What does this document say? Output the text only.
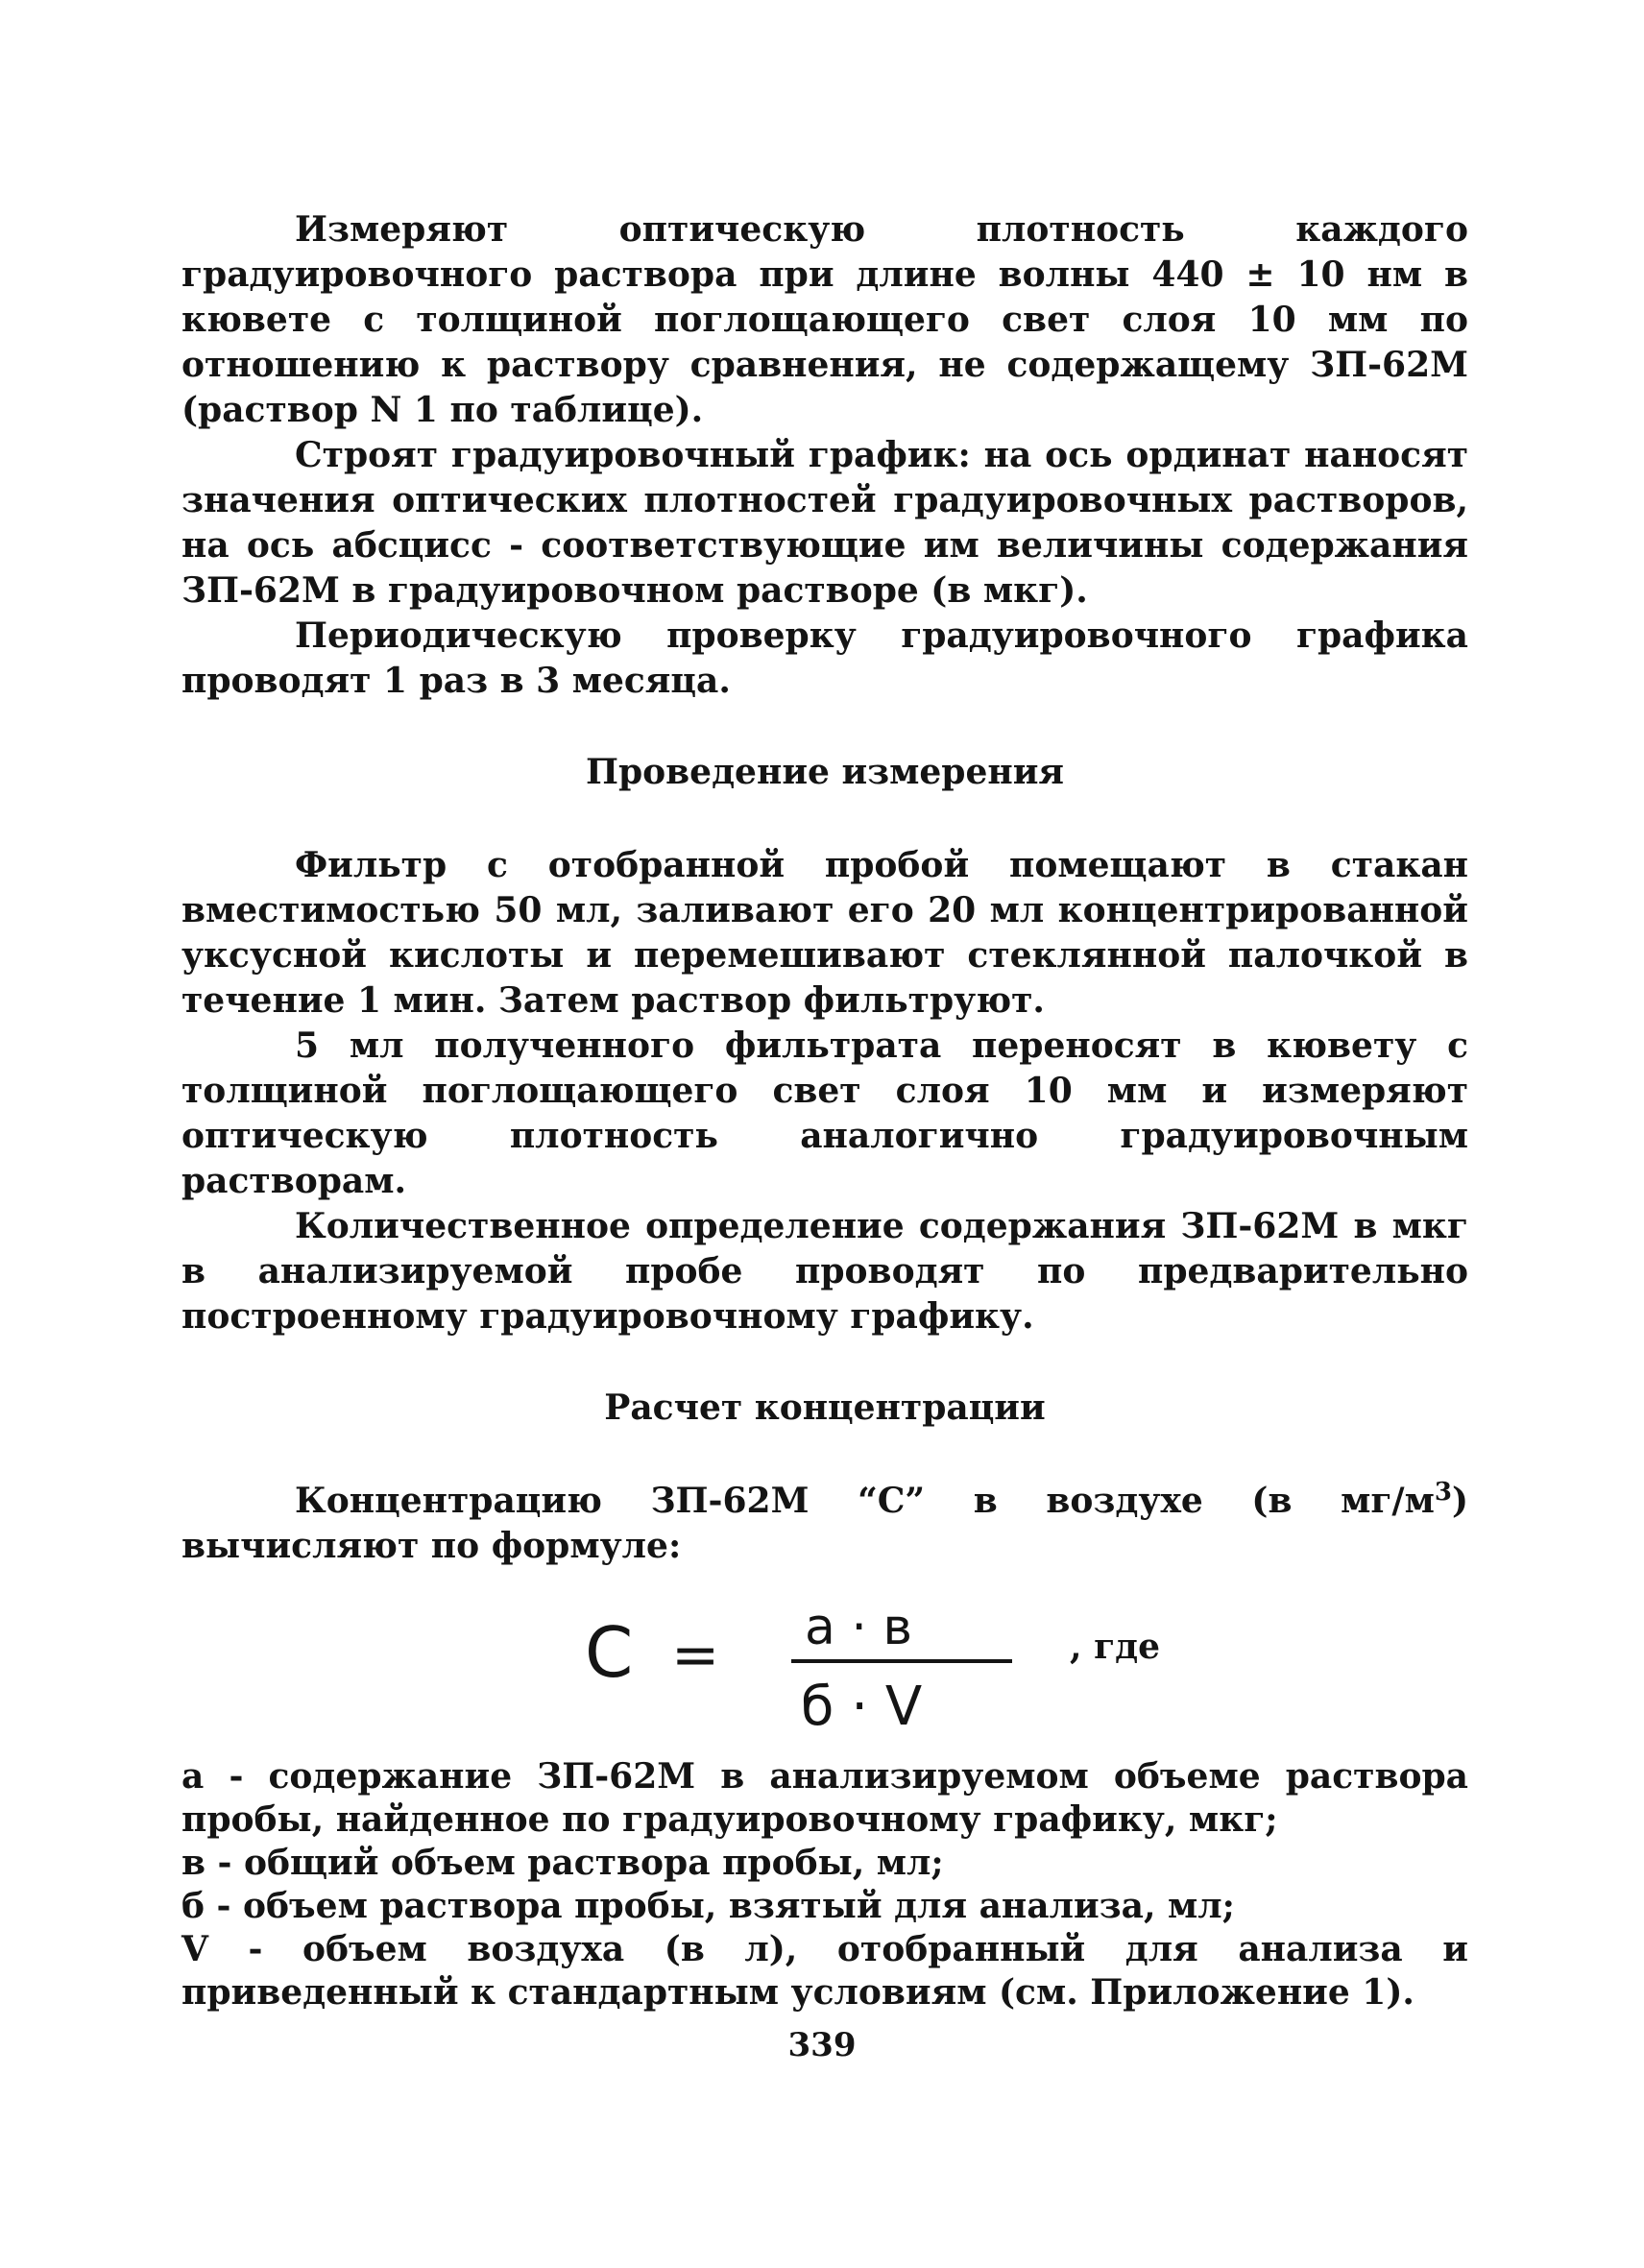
Измеряют оптическую плотность каждого градуировочного раствора при длине волны 440 ± 10 нм в кювете с толщиной поглощающего свет слоя 10 мм по отношению к раствору сравнения, не содержащему ЗП-62М (раствор N 1 по таблице).

Строят градуировочный график: на ось ординат наносят значения оптических плотностей градуировочных растворов, на ось абсцисс - соответствующие им величины содержания ЗП-62М в градуировочном растворе (в мкг).

Периодическую проверку градуировочного графика проводят 1 раз в 3 месяца.

Проведение измерения

Фильтр с отобранной пробой помещают в стакан вместимостью 50 мл, заливают его 20 мл концентрированной уксусной кислоты и перемешивают стеклянной палочкой в течение 1 мин. Затем раствор фильтруют.

5 мл полученного фильтрата переносят в кювету с толщиной поглощающего свет слоя 10 мм и измеряют оптическую плотность аналогично градуировочным растворам.

Количественное определение содержания ЗП-62М в мкг в анализируемой пробе проводят по предварительно построенному градуировочному графику.

Расчет концентрации

Концентрацию ЗП-62М “С” в воздухе (в $мг/м^3$) вычисляют по формуле:

C = a · в
б · V
, где

а - содержание ЗП-62М в анализируемом объеме раствора пробы, найденное по градуировочному графику, мкг;

в - общий объем раствора пробы, мл;

б - объем раствора пробы, взятый для анализа, мл;

V - объем воздуха (в л), отобранный для анализа и приведенный к стандартным условиям (см. Приложение 1).

339
